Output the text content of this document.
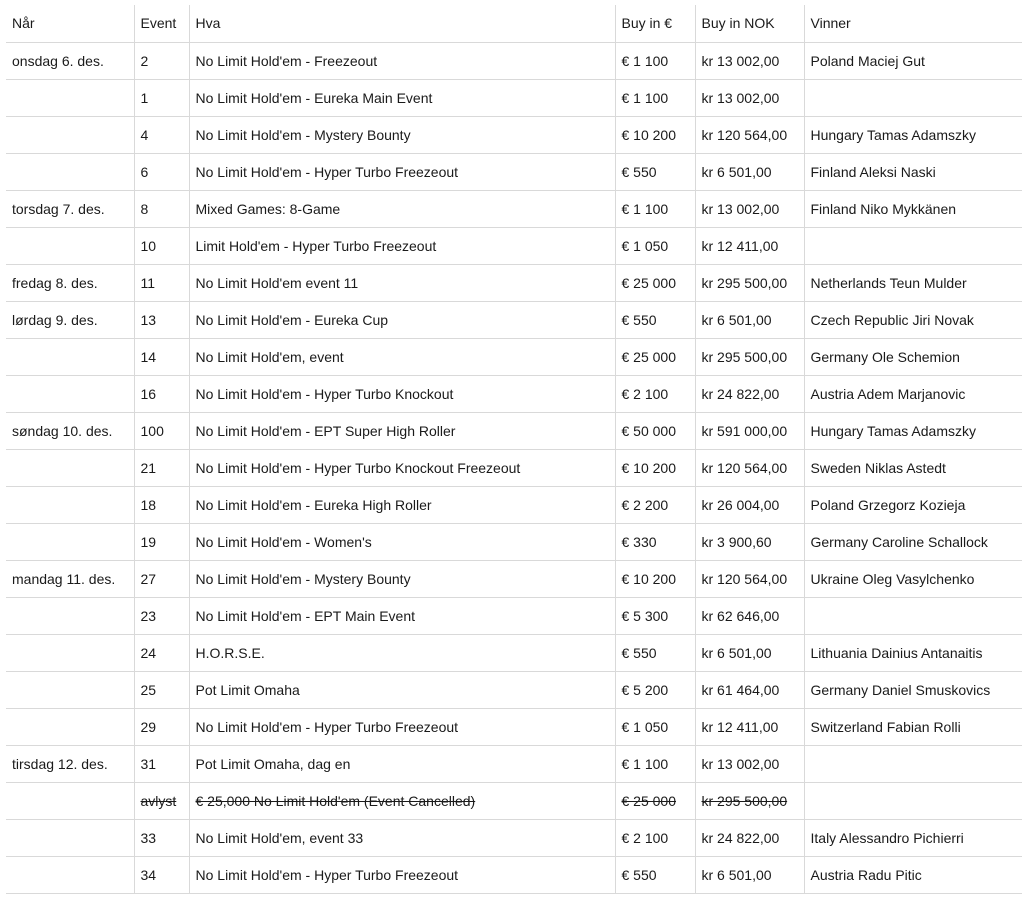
Når	Event	Hva	Buy in €	Buy in NOK	Vinner
onsdag 6. des.	2	No Limit Hold'em - Freezeout	€ 1 100	kr 13 002,00	Poland Maciej Gut
	1	No Limit Hold'em - Eureka Main Event	€ 1 100	kr 13 002,00	
	4	No Limit Hold'em - Mystery Bounty	€ 10 200	kr 120 564,00	Hungary Tamas Adamszky
	6	No Limit Hold'em - Hyper Turbo Freezeout	€ 550	kr 6 501,00	Finland Aleksi Naski
torsdag 7. des.	8	Mixed Games: 8-Game	€ 1 100	kr 13 002,00	Finland Niko Mykkänen
	10	Limit Hold'em - Hyper Turbo Freezeout	€ 1 050	kr 12 411,00	
fredag 8. des.	11	No Limit Hold'em event 11	€ 25 000	kr 295 500,00	Netherlands Teun Mulder
lørdag 9. des.	13	No Limit Hold'em - Eureka Cup	€ 550	kr 6 501,00	Czech Republic Jiri Novak
	14	No Limit Hold'em, event	€ 25 000	kr 295 500,00	Germany Ole Schemion
	16	No Limit Hold'em - Hyper Turbo Knockout	€ 2 100	kr 24 822,00	Austria Adem Marjanovic
søndag 10. des.	100	No Limit Hold'em - EPT Super High Roller	€ 50 000	kr 591 000,00	Hungary Tamas Adamszky
	21	No Limit Hold'em - Hyper Turbo Knockout Freezeout	€ 10 200	kr 120 564,00	Sweden Niklas Astedt
	18	No Limit Hold'em - Eureka High Roller	€ 2 200	kr 26 004,00	Poland Grzegorz Kozieja
	19	No Limit Hold'em - Women's	€ 330	kr 3 900,60	Germany Caroline Schallock
mandag 11. des.	27	No Limit Hold'em - Mystery Bounty	€ 10 200	kr 120 564,00	Ukraine Oleg Vasylchenko
	23	No Limit Hold'em - EPT Main Event	€ 5 300	kr 62 646,00	
	24	H.O.R.S.E.	€ 550	kr 6 501,00	Lithuania Dainius Antanaitis
	25	Pot Limit Omaha	€ 5 200	kr 61 464,00	Germany Daniel Smuskovics
	29	No Limit Hold'em - Hyper Turbo Freezeout	€ 1 050	kr 12 411,00	Switzerland Fabian Rolli
tirsdag 12. des.	31	Pot Limit Omaha, dag en	€ 1 100	kr 13 002,00	
	avlyst	€ 25,000 No Limit Hold'em (Event Cancelled)	€ 25 000	kr 295 500,00	
	33	No Limit Hold'em, event 33	€ 2 100	kr 24 822,00	Italy Alessandro Pichierri
	34	No Limit Hold'em - Hyper Turbo Freezeout	€ 550	kr 6 501,00	Austria Radu Pitic
